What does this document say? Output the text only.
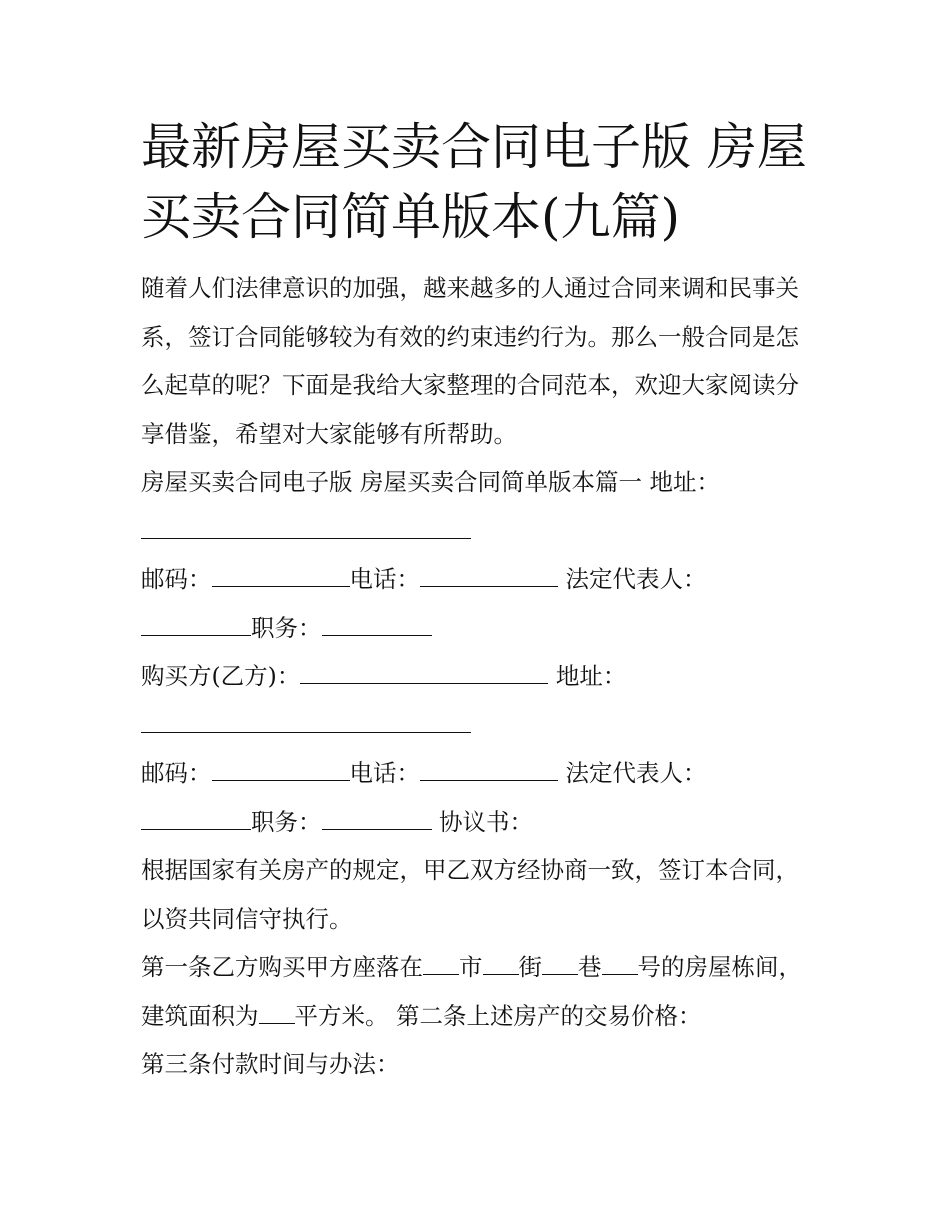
最新房屋买卖合同电子版 房屋买卖合同简单版本(九篇)

随着人们法律意识的加强，越来越多的人通过合同来调和民事关系，签订合同能够较为有效的约束违约行为。那么一般合同是怎么起草的呢？下面是我给大家整理的合同范本，欢迎大家阅读分享借鉴，希望对大家能够有所帮助。

房屋买卖合同电子版 房屋买卖合同简单版本篇一 地址：

邮码：	电话：	法定代表人：

职务：

购买方(乙方)：	地址：

邮码：	电话：	法定代表人：

职务：	协议书：

根据国家有关房产的规定，甲乙双方经协商一致，签订本合同，以资共同信守执行。

第一条乙方购买甲方座落在 市 街 巷 号的房屋栋间，建筑面积为 平方米。 第二条上述房产的交易价格：

第三条付款时间与办法：
